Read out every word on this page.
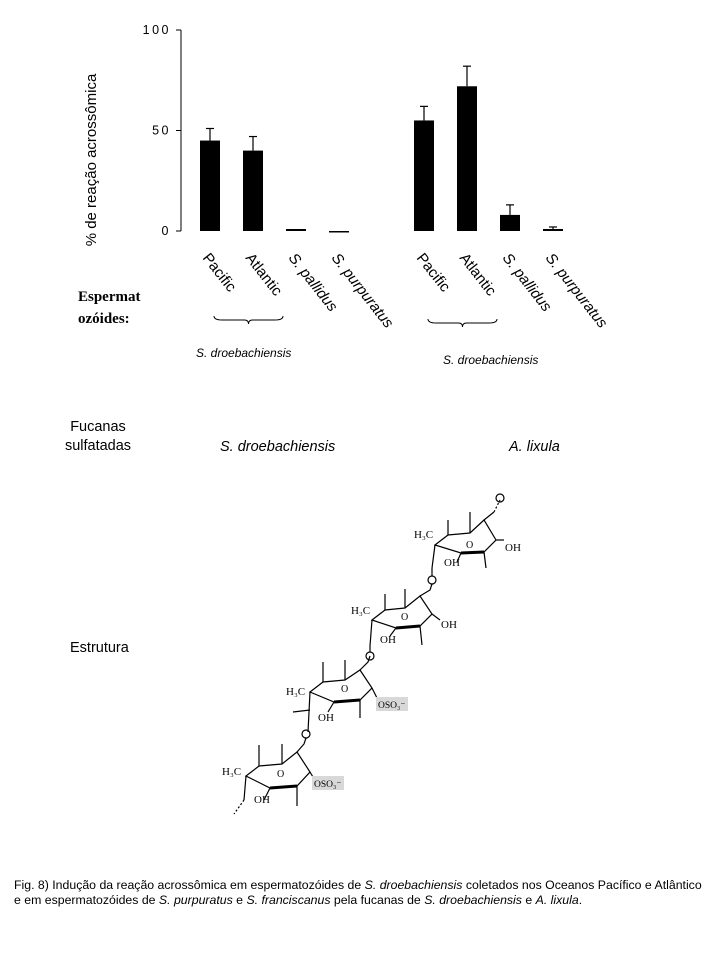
0
50
100
% de reação acrossômica
Pacific Atlantic S. pallidus
S. purpuratus
S. droebachiensis
Pacific Atlantic S. pallidus
S. purpuratus
S. droebachiensis
Espermat
ozóides:
Fucanas
sulfatadas	S. droebachiensis	A. lixula
Estrutura
H₃C
OH
OH
O
H₃C
OH
OH
O
H₃C
OH
OSO₃⁻
O
H₃C
OH
OSO₃⁻
O
Fig. 8) Indução da reação acrossômica em espermatozóides de S. droebachiensis coletados nos Oceanos Pacífico e Atlântico e em espermatozóides de S. purpuratus e S. franciscanus pela fucanas de S. droebachiensis e A. lixula.
